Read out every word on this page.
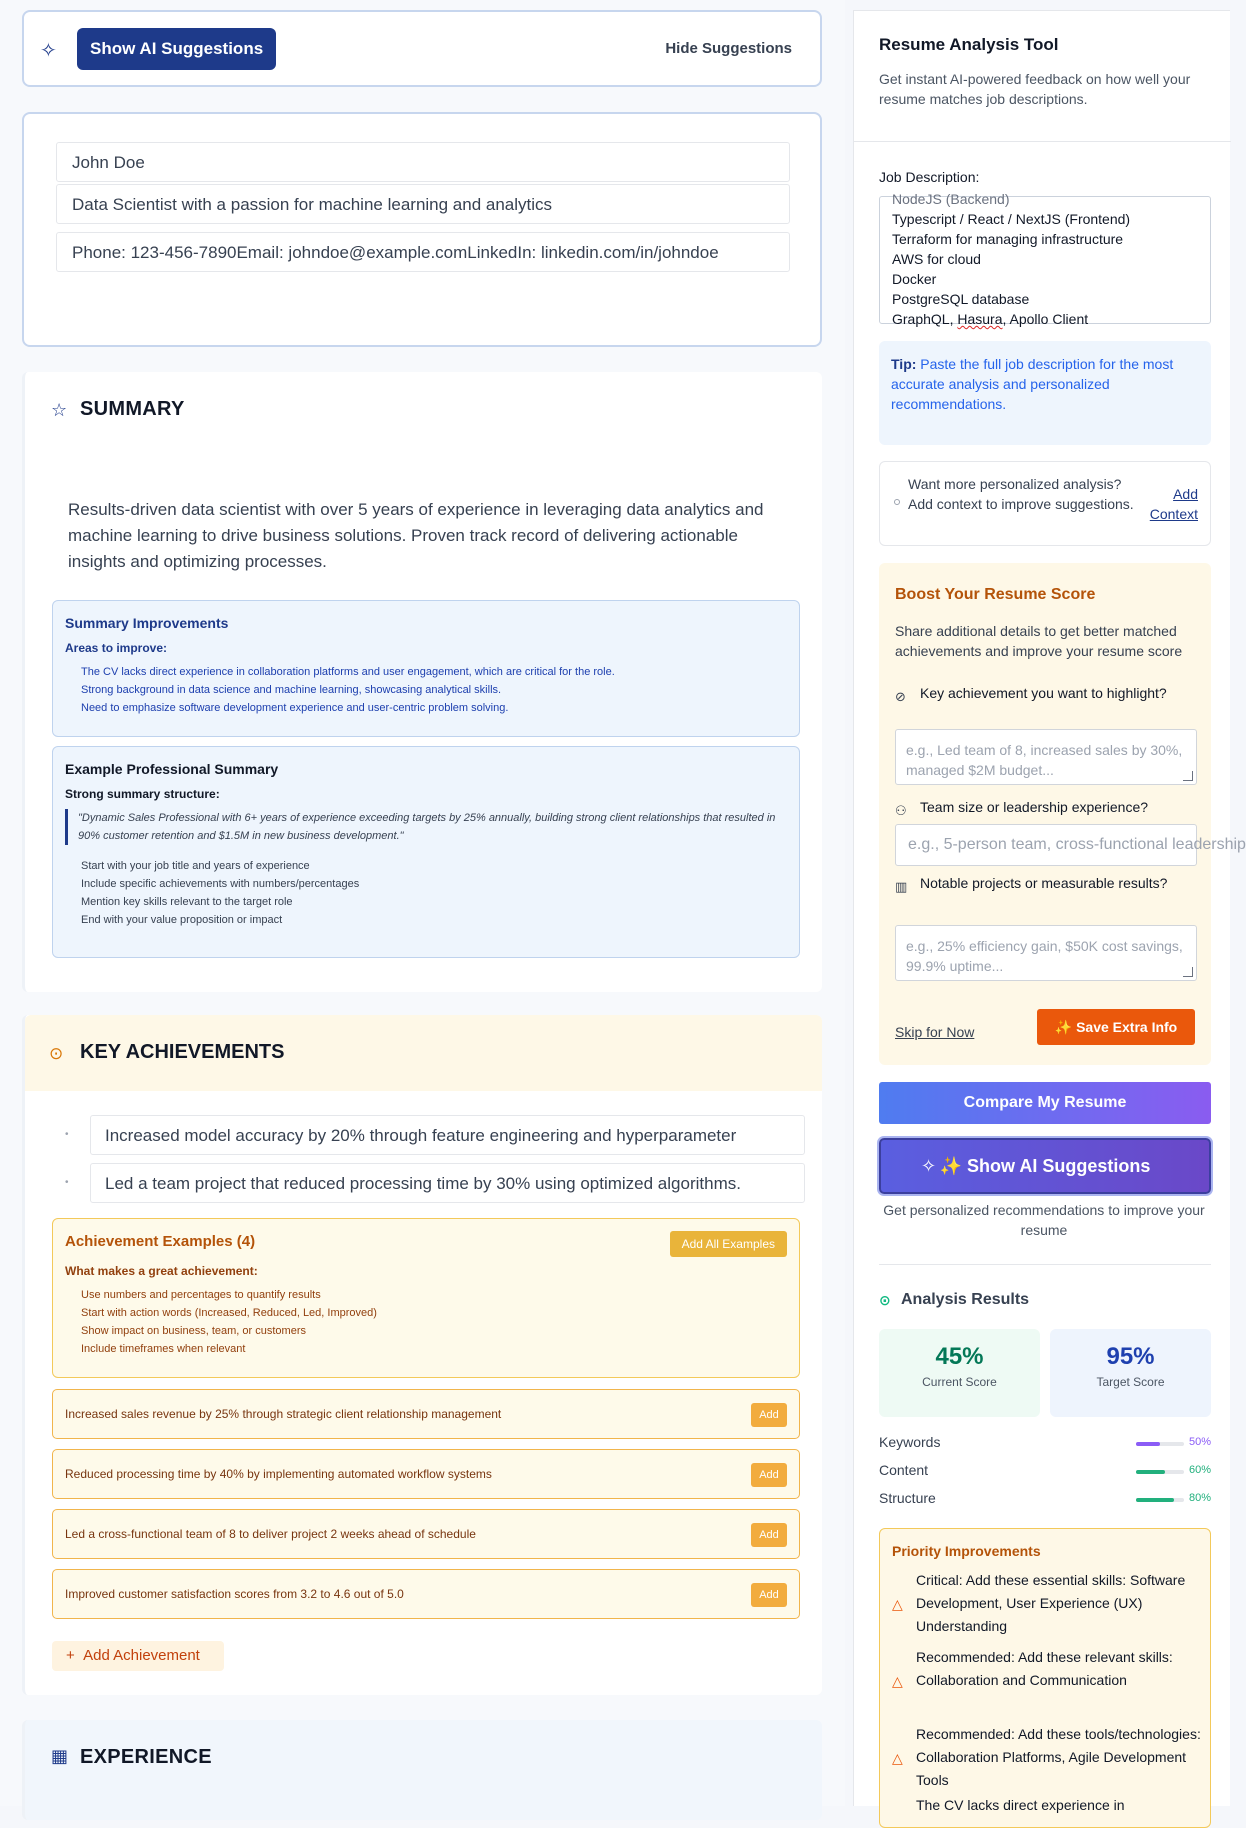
✧	Show AI Suggestions	Hide Suggestions
John Doe
Data Scientist with a passion for machine learning and analytics
Phone: 123-456-7890Email: johndoe@example.comLinkedIn: linkedin.com/in/johndoe
☆ SUMMARY
Results-driven data scientist with over 5 years of experience in leveraging data analytics and machine learning to drive business solutions. Proven track record of delivering actionable insights and optimizing processes.
Summary Improvements
Areas to improve:
The CV lacks direct experience in collaboration platforms and user engagement, which are critical for the role.
Strong background in data science and machine learning, showcasing analytical skills.
Need to emphasize software development experience and user-centric problem solving.
Example Professional Summary
Strong summary structure:
"Dynamic Sales Professional with 6+ years of experience exceeding targets by 25% annually, building strong client relationships that resulted in 90% customer retention and $1.5M in new business development."
Start with your job title and years of experience
Include specific achievements with numbers/percentages
Mention key skills relevant to the target role
End with your value proposition or impact
⊙ KEY ACHIEVEMENTS
•	Increased model accuracy by 20% through feature engineering and hyperparameter
•	Led a team project that reduced processing time by 30% using optimized algorithms.
Achievement Examples (4)	Add All Examples
What makes a great achievement:
Use numbers and percentages to quantify results
Start with action words (Increased, Reduced, Led, Improved)
Show impact on business, team, or customers
Include timeframes when relevant
Increased sales revenue by 25% through strategic client relationship management	Add
Reduced processing time by 40% by implementing automated workflow systems	Add
Led a cross-functional team of 8 to deliver project 2 weeks ahead of schedule	Add
Improved customer satisfaction scores from 3.2 to 4.6 out of 5.0	Add
+ Add Achievement
▦ EXPERIENCE
Resume Analysis Tool
Get instant AI-powered feedback on how well your resume matches job descriptions.
Job Description:
NodeJS (Backend)
Typescript / React / NextJS (Frontend)
Terraform for managing infrastructure
AWS for cloud
Docker
PostgreSQL database
GraphQL, Hasura, Apollo Client
Tip: Paste the full job description for the most accurate analysis and personalized recommendations.
Want more personalized analysis? Add context to improve suggestions.
Add Context
Boost Your Resume Score
Share additional details to get better matched achievements and improve your resume score
⊘ Key achievement you want to highlight?
e.g., Led team of 8, increased sales by 30%, managed $2M budget...
⚇ Team size or leadership experience?
e.g., 5-person team, cross-functional leadership
▥ Notable projects or measurable results?
e.g., 25% efficiency gain, $50K cost savings, 99.9% uptime...
Skip for Now	✨ Save Extra Info
Compare My Resume
✧ ✨ Show AI Suggestions
Get personalized recommendations to improve your resume
⊙ Analysis Results
45%
Current Score
95%
Target Score
Keywords	50%
Content	60%
Structure	80%
Priority Improvements
△
Critical: Add these essential skills: Software Development, User Experience (UX) Understanding
△
Recommended: Add these relevant skills: Collaboration and Communication
△
Recommended: Add these tools/technologies: Collaboration Platforms, Agile Development Tools
The CV lacks direct experience in
